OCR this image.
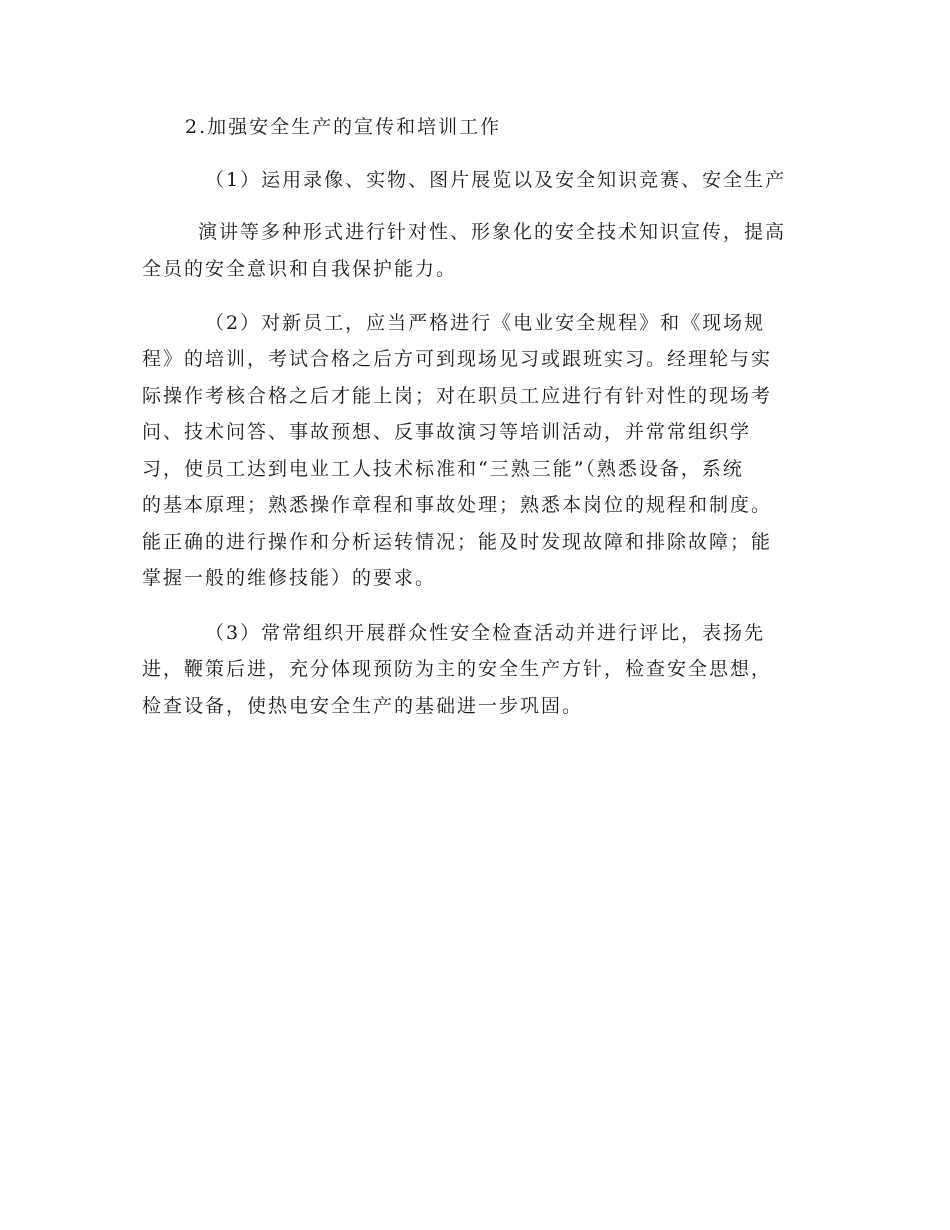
2.加强安全生产的宣传和培训工作
（1）运用录像、实物、图片展览以及安全知识竞赛、安全生产
演讲等多种形式进行针对性、形象化的安全技术知识宣传，提高
全员的安全意识和自我保护能力。
（2）对新员工，应当严格进行《电业安全规程》和《现场规
程》的培训，考试合格之后方可到现场见习或跟班实习。经理轮与实
际操作考核合格之后才能上岗；对在职员工应进行有针对性的现场考
问、技术问答、事故预想、反事故演习等培训活动，并常常组织学
习，使员工达到电业工人技术标准和“三熟三能”（熟悉设备，系统
的基本原理；熟悉操作章程和事故处理；熟悉本岗位的规程和制度。
能正确的进行操作和分析运转情况；能及时发现故障和排除故障；能
掌握一般的维修技能）的要求。
（3）常常组织开展群众性安全检查活动并进行评比，表扬先
进，鞭策后进，充分体现预防为主的安全生产方针，检查安全思想，
检查设备，使热电安全生产的基础进一步巩固。
